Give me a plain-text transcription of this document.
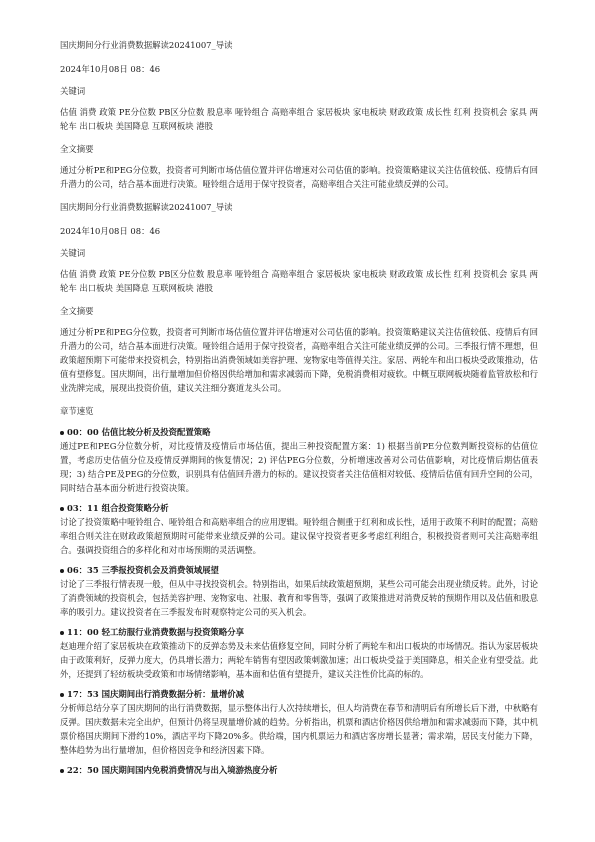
国庆期间分行业消费数据解读20241007_导读

2024年10月08日 08：46

关键词

估值 消费 政策 PE分位数 PB区分位数 股息率 哑铃组合 高赔率组合 家居板块 家电板块 财政政策 成长性 红利 投资机会 家具 两轮车 出口板块 美国降息 互联网板块 港股

全文摘要

通过分析PE和PEG分位数，投资者可判断市场估值位置并评估增速对公司估值的影响。投资策略建议关注估值较低、疫情后有回升潜力的公司，结合基本面进行决策。哑铃组合适用于保守投资者，高赔率组合关注可能业绩反弹的公司。

国庆期间分行业消费数据解读20241007_导读

2024年10月08日 08：46

关键词

估值 消费 政策 PE分位数 PB区分位数 股息率 哑铃组合 高赔率组合 家居板块 家电板块 财政政策 成长性 红利 投资机会 家具 两轮车 出口板块 美国降息 互联网板块 港股

全文摘要

通过分析PE和PEG分位数，投资者可判断市场估值位置并评估增速对公司估值的影响。投资策略建议关注估值较低、疫情后有回升潜力的公司，结合基本面进行决策。哑铃组合适用于保守投资者，高赔率组合关注可能业绩反弹的公司。三季报行情不理想，但政策超预期下可能带来投资机会，特别指出消费领域如美容护理、宠物家电等值得关注。家居、两轮车和出口板块受政策推动，估值有望修复。国庆期间，出行量增加但价格因供给增加和需求减弱而下降，免税消费相对疲软。中概互联网板块随着监管放松和行业洗牌完成，展现出投资价值，建议关注细分赛道龙头公司。

章节速览

00：00 估值比较分析及投资配置策略

通过PE和PEG分位数分析，对比疫情及疫情后市场估值，提出三种投资配置方案：1) 根据当前PE分位数判断投资标的估值位置，考虑历史估值分位及疫情反弹期间的恢复情况；2) 评估PEG分位数，分析增速改善对公司估值影响，对比疫情后期估值表现；3) 结合PE及PEG的分位数，识别具有估值回升潜力的标的。建议投资者关注估值相对较低、疫情后估值有回升空间的公司，同时结合基本面分析进行投资决策。

03：11 组合投资策略分析

讨论了投资策略中哑铃组合、哑铃组合和高赔率组合的应用逻辑。哑铃组合侧重于红利和成长性，适用于政策不利时的配置；高赔率组合则关注在财政政策超预期时可能带来业绩反弹的公司。建议保守投资者更多考虑红利组合，积极投资者则可关注高赔率组合。强调投资组合的多样化和对市场预期的灵活调整。

06：35 三季报投资机会及消费领域展望

讨论了三季报行情表现一般，但从中寻找投资机会。特别指出，如果后续政策超预期，某些公司可能会出现业绩反转。此外，讨论了消费领域的投资机会，包括美容护理、宠物家电、社服、教育和零售等，强调了政策推进对消费反转的预期作用以及估值和股息率的吸引力。建议投资者在三季报发布时观察特定公司的买入机会。

11：00 轻工纺服行业消费数据与投资策略分享

赵迪理介绍了家居板块在政策推动下的反弹态势及未来估值修复空间，同时分析了两轮车和出口板块的市场情况。指认为家居板块由于政策利好，反弹力度大，仍具增长潜力；两轮车销售有望因政策刺激加速；出口板块受益于美国降息，相关企业有望受益。此外，还提到了轻纺板块受政策和市场情绪影响，基本面和估值有望提升，建议关注性价比高的标的。

17：53 国庆期间出行消费数据分析：量增价减

分析师总结分享了国庆期间的出行消费数据，显示整体出行人次持续增长，但人均消费在春节和清明后有所增长后下滑，中秋略有反弹。国庆数据未完全出炉，但预计仍将呈现量增价减的趋势。分析指出，机票和酒店价格因供给增加和需求减弱而下降，其中机票价格国庆期间下滑约10%，酒店平均下降20%多。供给端，国内机票运力和酒店客房增长显著；需求端，居民支付能力下降，整体趋势为出行量增加，但价格因竞争和经济因素下降。

22：50 国庆期间国内免税消费情况与出入境游热度分析
